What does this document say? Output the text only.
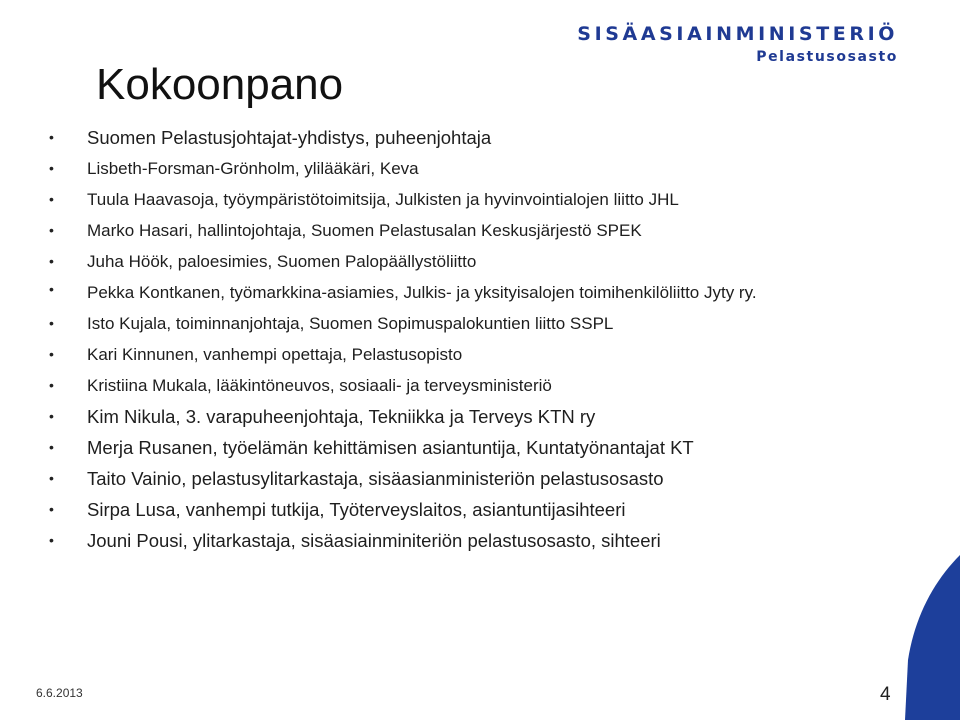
SISÄASIAINMINISTERIÖ
Pelastusosasto
Kokoonpano
• Suomen Pelastusjohtajat-yhdistys, puheenjohtaja
• Lisbeth-Forsman-Grönholm, ylilääkäri, Keva
• Tuula Haavasoja, työympäristötoimitsija, Julkisten ja hyvinvointialojen liitto JHL
• Marko Hasari, hallintojohtaja, Suomen Pelastusalan Keskusjärjestö SPEK
• Juha Höök, paloesimies, Suomen Palopäällystöliitto
• Pekka Kontkanen, työmarkkina-asiamies, Julkis- ja yksityisalojen toimihenkilöliitto Jyty ry.
• Isto Kujala, toiminnanjohtaja, Suomen Sopimuspalokuntien liitto SSPL
• Kari Kinnunen, vanhempi opettaja, Pelastusopisto
• Kristiina Mukala, lääkintöneuvos, sosiaali- ja terveysministeriö
• Kim Nikula, 3. varapuheenjohtaja, Tekniikka ja Terveys KTN ry
• Merja Rusanen, työelämän kehittämisen asiantuntija, Kuntatyönantajat KT
• Taito Vainio, pelastusylitarkastaja, sisäasianministeriön pelastusosasto
• Sirpa Lusa, vanhempi tutkija, Työterveyslaitos, asiantuntijasihteeri
• Jouni Pousi, ylitarkastaja, sisäasiainminiteriön pelastusosasto, sihteeri
6.6.2013	4
